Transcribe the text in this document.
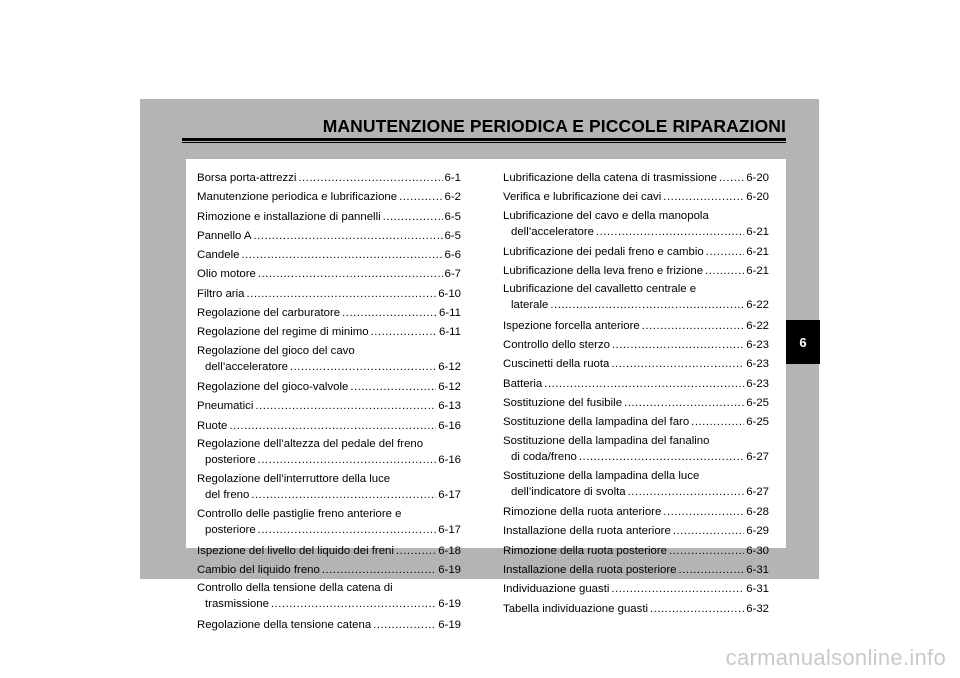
MANUTENZIONE PERIODICA E PICCOLE RIPARAZIONI
Borsa porta-attrezzi .....	6-1
Manutenzione periodica e lubrificazione .....	6-2
Rimozione e installazione di pannelli .....	6-5
Pannello A .....	6-5
Candele .....	6-6
Olio motore .....	6-7
Filtro aria .....	6-10
Regolazione del carburatore .....	6-11
Regolazione del regime di minimo .....	6-11
Regolazione del gioco del cavo
dell’acceleratore .....	6-12
Regolazione del gioco-valvole .....	6-12
Pneumatici .....	6-13
Ruote .....	6-16
Regolazione dell’altezza del pedale del freno
posteriore .....	6-16
Regolazione dell’interruttore della luce
del freno .....	6-17
Controllo delle pastiglie freno anteriore e
posteriore .....	6-17
Ispezione del livello del liquido dei freni .....	6-18
Cambio del liquido freno .....	6-19
Controllo della tensione della catena di
trasmissione .....	6-19
Regolazione della tensione catena .....	6-19
Lubrificazione della catena di trasmissione .....	6-20
Verifica e lubrificazione dei cavi .....	6-20
Lubrificazione del cavo e della manopola
dell’acceleratore .....	6-21
Lubrificazione dei pedali freno e cambio .....	6-21
Lubrificazione della leva freno e frizione .....	6-21
Lubrificazione del cavalletto centrale e
laterale .....	6-22
Ispezione forcella anteriore .....	6-22
Controllo dello sterzo .....	6-23
Cuscinetti della ruota .....	6-23
Batteria .....	6-23
Sostituzione del fusibile .....	6-25
Sostituzione della lampadina del faro .....	6-25
Sostituzione della lampadina del fanalino
di coda/freno .....	6-27
Sostituzione della lampadina della luce
dell’indicatore di svolta .....	6-27
Rimozione della ruota anteriore .....	6-28
Installazione della ruota anteriore .....	6-29
Rimozione della ruota posteriore .....	6-30
Installazione della ruota posteriore .....	6-31
Individuazione guasti .....	6-31
Tabella individuazione guasti .....	6-32
6
carmanualsonline.info
